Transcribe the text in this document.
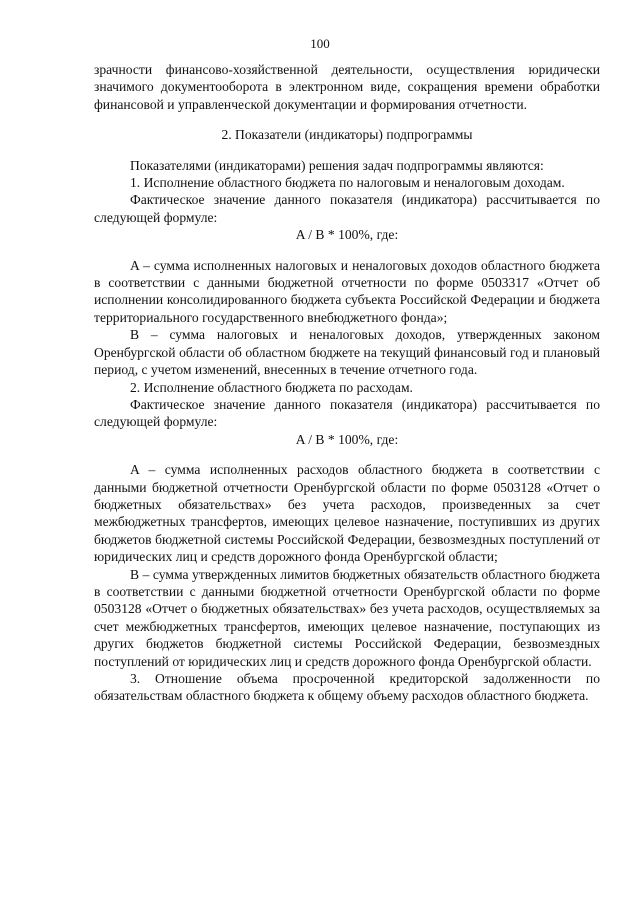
100

зрачности финансово-хозяйственной деятельности, осуществления юридически значимого документооборота в электронном виде, сокращения времени обработки финансовой и управленческой документации и формирования отчетности.

2. Показатели (индикаторы) подпрограммы

Показателями (индикаторами) решения задач подпрограммы являются:

1. Исполнение областного бюджета по налоговым и неналоговым доходам.

Фактическое значение данного показателя (индикатора) рассчитывается по следующей формуле:

A / B * 100%, где:

A – сумма исполненных налоговых и неналоговых доходов областного бюджета в соответствии с данными бюджетной отчетности по форме 0503317 «Отчет об исполнении консолидированного бюджета субъекта Российской Федерации и бюджета территориального государственного внебюджетного фонда»;

B – сумма налоговых и неналоговых доходов, утвержденных законом Оренбургской области об областном бюджете на текущий финансовый год и плановый период, с учетом изменений, внесенных в течение отчетного года.

2. Исполнение областного бюджета по расходам.

Фактическое значение данного показателя (индикатора) рассчитывается по следующей формуле:

A / B * 100%, где:

A – сумма исполненных расходов областного бюджета в соответствии с данными бюджетной отчетности Оренбургской области по форме 0503128 «Отчет о бюджетных обязательствах» без учета расходов, произведенных за счет межбюджетных трансфертов, имеющих целевое назначение, поступивших из других бюджетов бюджетной системы Российской Федерации, безвозмездных поступлений от юридических лиц и средств дорожного фонда Оренбургской области;

B – сумма утвержденных лимитов бюджетных обязательств областного бюджета в соответствии с данными бюджетной отчетности Оренбургской области по форме 0503128 «Отчет о бюджетных обязательствах» без учета расходов, осуществляемых за счет межбюджетных трансфертов, имеющих целевое назначение, поступающих из других бюджетов бюджетной системы Российской Федерации, безвозмездных поступлений от юридических лиц и средств дорожного фонда Оренбургской области.

3. Отношение объема просроченной кредиторской задолженности по обязательствам областного бюджета к общему объему расходов областного бюджета.
